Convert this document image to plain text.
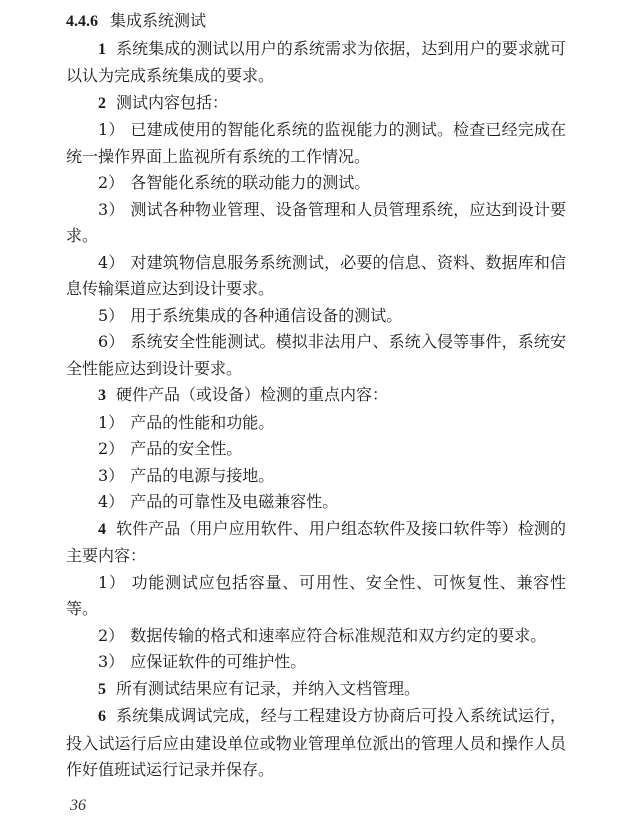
4.4.6 集成系统测试

1 系统集成的测试以用户的系统需求为依据，达到用户的要求就可以认为完成系统集成的要求。

2 测试内容包括：

1） 已建成使用的智能化系统的监视能力的测试。检查已经完成在统一操作界面上监视所有系统的工作情况。

2） 各智能化系统的联动能力的测试。

3） 测试各种物业管理、设备管理和人员管理系统，应达到设计要求。

4） 对建筑物信息服务系统测试，必要的信息、资料、数据库和信息传输渠道应达到设计要求。

5） 用于系统集成的各种通信设备的测试。

6） 系统安全性能测试。模拟非法用户、系统入侵等事件，系统安全性能应达到设计要求。

3 硬件产品（或设备）检测的重点内容：

1） 产品的性能和功能。

2） 产品的安全性。

3） 产品的电源与接地。

4） 产品的可靠性及电磁兼容性。

4 软件产品（用户应用软件、用户组态软件及接口软件等）检测的主要内容：

1） 功能测试应包括容量、可用性、安全性、可恢复性、兼容性等。

2） 数据传输的格式和速率应符合标准规范和双方约定的要求。

3） 应保证软件的可维护性。

5 所有测试结果应有记录，并纳入文档管理。

6 系统集成调试完成，经与工程建设方协商后可投入系统试运行，投入试运行后应由建设单位或物业管理单位派出的管理人员和操作人员作好值班试运行记录并保存。

36
